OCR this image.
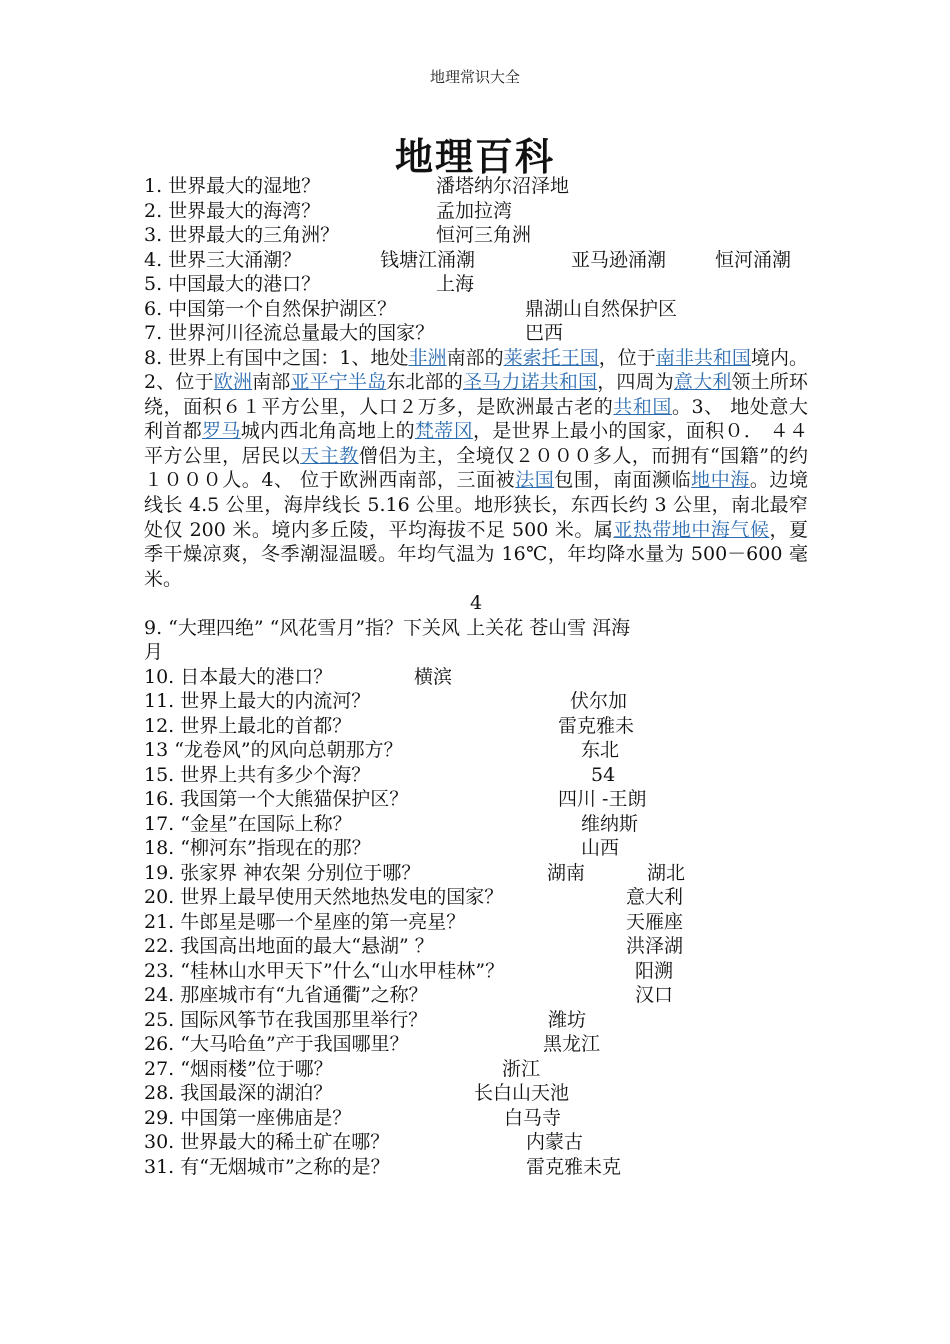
地理常识大全
地理百科
1. 世界最大的湿地？	潘塔纳尔沼泽地
2. 世界最大的海湾？	孟加拉湾
3. 世界最大的三角洲？	恒河三角洲
4. 世界三大涌潮？	钱塘江涌潮	亚马逊涌潮	恒河涌潮
5. 中国最大的港口？	上海
6. 中国第一个自然保护湖区？	鼎湖山自然保护区
7. 世界河川径流总量最大的国家？	巴西
8. 世界上有国中之国：1、地处非洲南部的莱索托王国，位于南非共和国境内。2、位于欧洲南部亚平宁半岛东北部的圣马力诺共和国，四周为意大利领土所环绕，面积６１平方公里，人口２万多，是欧洲最古老的共和国。3、 地处意大利首都罗马城内西北角高地上的梵蒂冈，是世界上最小的国家，面积０． ４４平方公里，居民以天主教僧侣为主，全境仅２０００多人，而拥有“国籍”的约１０００人。4、 位于欧洲西南部，三面被法国包围，南面濒临地中海。边境线长 4.5 公里，海岸线长 5.16 公里。地形狭长，东西长约 3 公里，南北最窄处仅 200 米。境内多丘陵，平均海拔不足 500 米。属亚热带地中海气候，夏季干燥凉爽，冬季潮湿温暖。年均气温为 16℃，年均降水量为 500－600 毫米。
4
9. “大理四绝” “风花雪月”指？下关风 上关花 苍山雪 洱海
月
10. 日本最大的港口？	横滨
11. 世界上最大的内流河？	伏尔加
12. 世界上最北的首都？	雷克雅未
13 “龙卷风”的风向总朝那方？	东北
15. 世界上共有多少个海？	54
16. 我国第一个大熊猫保护区？	四川 -王朗
17. “金星”在国际上称？	维纳斯
18. “柳河东”指现在的那？	山西
19. 张家界 神农架 分别位于哪？	湖南	湖北
20. 世界上最早使用天然地热发电的国家？	意大利
21. 牛郎星是哪一个星座的第一亮星？	天雁座
22. 我国高出地面的最大“悬湖” ？	洪泽湖
23. “桂林山水甲天下”什么“山水甲桂林”？	阳溯
24. 那座城市有“九省通衢”之称？	汉口
25. 国际风筝节在我国那里举行？	潍坊
26. “大马哈鱼”产于我国哪里？	黑龙江
27. “烟雨楼”位于哪？	浙江
28. 我国最深的湖泊？	长白山天池
29. 中国第一座佛庙是？	白马寺
30. 世界最大的稀土矿在哪？	内蒙古
31. 有“无烟城市”之称的是？	雷克雅未克
